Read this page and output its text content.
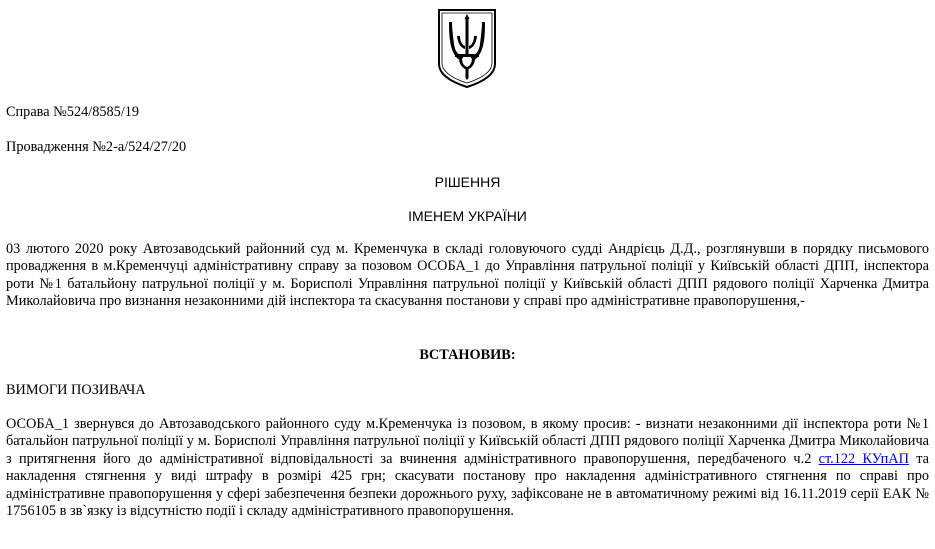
Справа №524/8585/19

Провадження №2-а/524/27/20

РІШЕННЯ

ІМЕНЕМ УКРАЇНИ

03 лютого 2020 року Автозаводський районний суд м. Кременчука в складі головуючого судді Андрієць Д.Д., розглянувши в порядку письмового провадження в м.Кременчуці адміністративну справу за позовом ОСОБА_1 до Управління патрульної поліції у Київській області ДПП, інспектора роти №1 батальйону патрульної поліції у м. Борисполі Управління патрульної поліції у Київській області ДПП рядового поліції Харченка Дмитра Миколайовича про визнання незаконними дій інспектора та скасування постанови у справі про адміністративне правопорушення,-

ВСТАНОВИВ:

ВИМОГИ ПОЗИВАЧА

ОСОБА_1 звернувся до Автозаводського районного суду м.Кременчука із позовом, в якому просив: - визнати незаконними дії інспектора роти №1 батальйон патрульної поліції у м. Борисполі Управління патрульної поліції у Київській області ДПП рядового поліції Харченка Дмитра Миколайовича з притягнення його до адміністративної відповідальності за вчинення адміністративного правопорушення, передбаченого ч.2 ст.122 КУпАП та накладення стягнення у виді штрафу в розмірі 425 грн; скасувати постанову про накладення адміністративного стягнення по справі про адміністративне правопорушення у сфері забезпечення безпеки дорожнього руху, зафіксоване не в автоматичному режимі від 16.11.2019 серії ЕАК № 1756105 в зв`язку із відсутністю події і складу адміністративного правопорушення.
